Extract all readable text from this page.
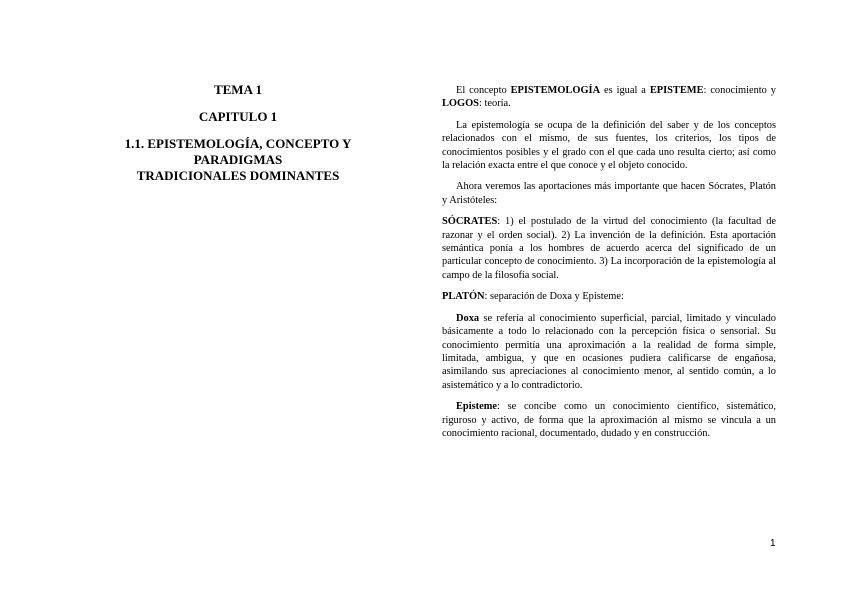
TEMA 1
CAPITULO 1
1.1. EPISTEMOLOGÍA, CONCEPTO Y PARADIGMAS
TRADICIONALES DOMINANTES

El concepto EPISTEMOLOGÍA es igual a EPISTEME: conocimiento y LOGOS: teoría.

La epistemología se ocupa de la definición del saber y de los conceptos relacionados con el mismo, de sus fuentes, los criterios, los tipos de conocimientos posibles y el grado con el que cada uno resulta cierto; así como la relación exacta entre el que conoce y el objeto conocido.

Ahora veremos las aportaciones más importante que hacen Sócrates, Platón y Aristóteles:

SÓCRATES: 1) el postulado de la virtud del conocimiento (la facultad de razonar y el orden social). 2) La invención de la definición. Esta aportación semántica ponía a los hombres de acuerdo acerca del significado de un particular concepto de conocimiento. 3) La incorporación de la epistemología al campo de la filosofía social.

PLATÓN: separación de Doxa y Episteme:

Doxa se refería al conocimiento superficial, parcial, limitado y vinculado básicamente a todo lo relacionado con la percepción física o sensorial. Su conocimiento permitía una aproximación a la realidad de forma simple, limitada, ambigua, y que en ocasiones pudiera calificarse de engañosa, asimilando sus apreciaciones al conocimiento menor, al sentido común, a lo asistemático y a lo contradictorio.

Episteme: se concibe como un conocimiento científico, sistemático, riguroso y activo, de forma que la aproximación al mismo se vincula a un conocimiento racional, documentado, dudado y en construcción.

1
